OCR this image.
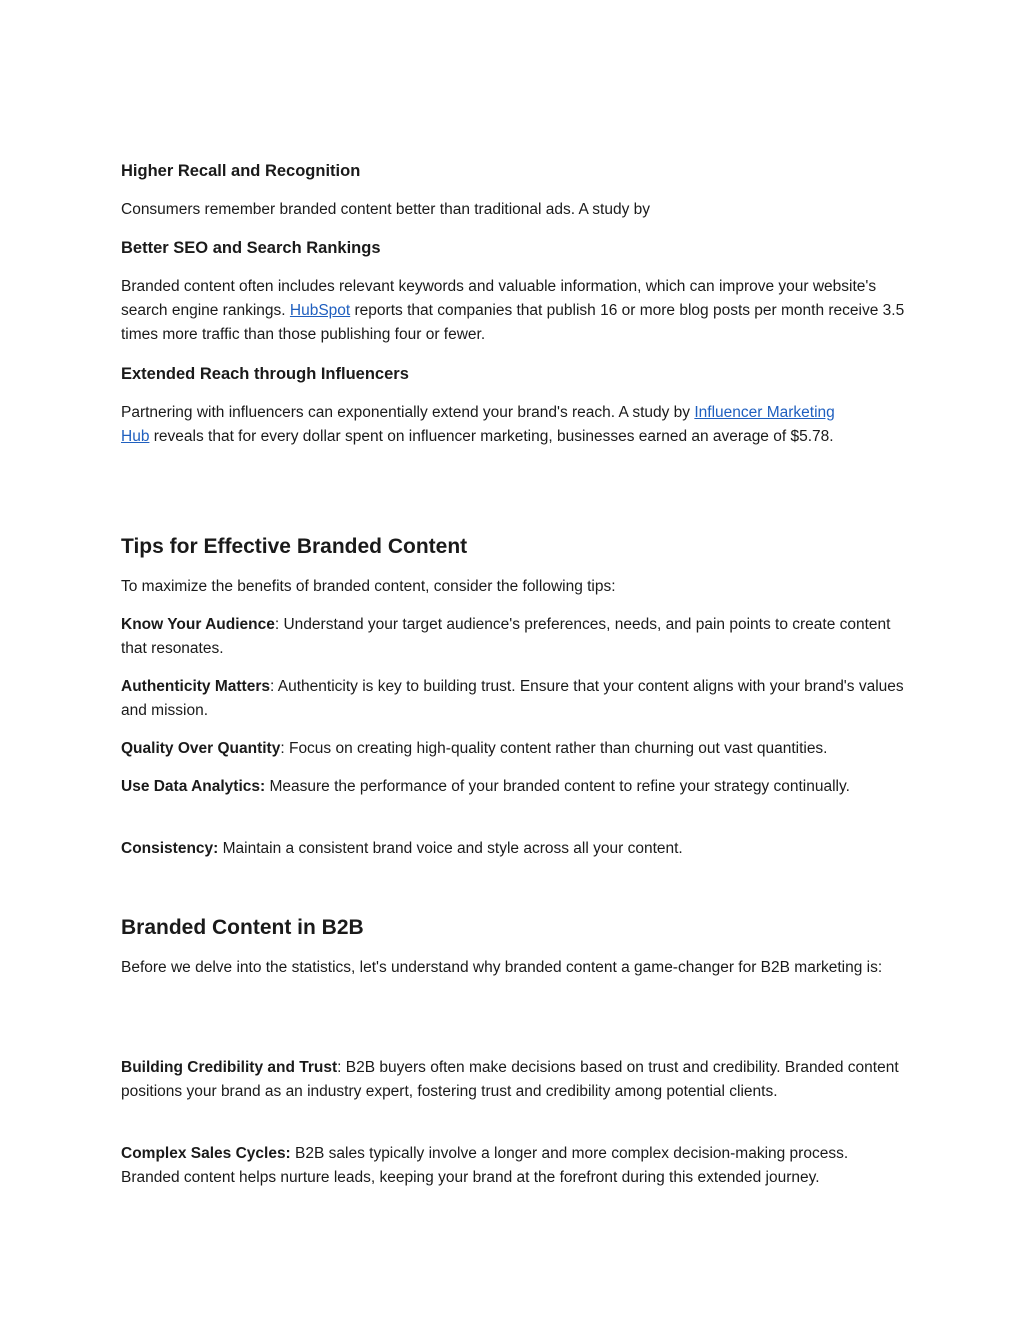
Higher Recall and Recognition

Consumers remember branded content better than traditional ads. A study by

Better SEO and Search Rankings

Branded content often includes relevant keywords and valuable information, which can improve your website's search engine rankings. HubSpot reports that companies that publish 16 or more blog posts per month receive 3.5 times more traffic than those publishing four or fewer.

Extended Reach through Influencers

Partnering with influencers can exponentially extend your brand's reach. A study by Influencer Marketing Hub reveals that for every dollar spent on influencer marketing, businesses earned an average of $5.78.

Tips for Effective Branded Content

To maximize the benefits of branded content, consider the following tips:

Know Your Audience: Understand your target audience's preferences, needs, and pain points to create content that resonates.

Authenticity Matters: Authenticity is key to building trust. Ensure that your content aligns with your brand's values and mission.

Quality Over Quantity: Focus on creating high-quality content rather than churning out vast quantities.

Use Data Analytics: Measure the performance of your branded content to refine your strategy continually.

Consistency: Maintain a consistent brand voice and style across all your content.

Branded Content in B2B

Before we delve into the statistics, let's understand why branded content a game-changer for B2B marketing is:

Building Credibility and Trust: B2B buyers often make decisions based on trust and credibility. Branded content positions your brand as an industry expert, fostering trust and credibility among potential clients.

Complex Sales Cycles: B2B sales typically involve a longer and more complex decision-making process. Branded content helps nurture leads, keeping your brand at the forefront during this extended journey.
